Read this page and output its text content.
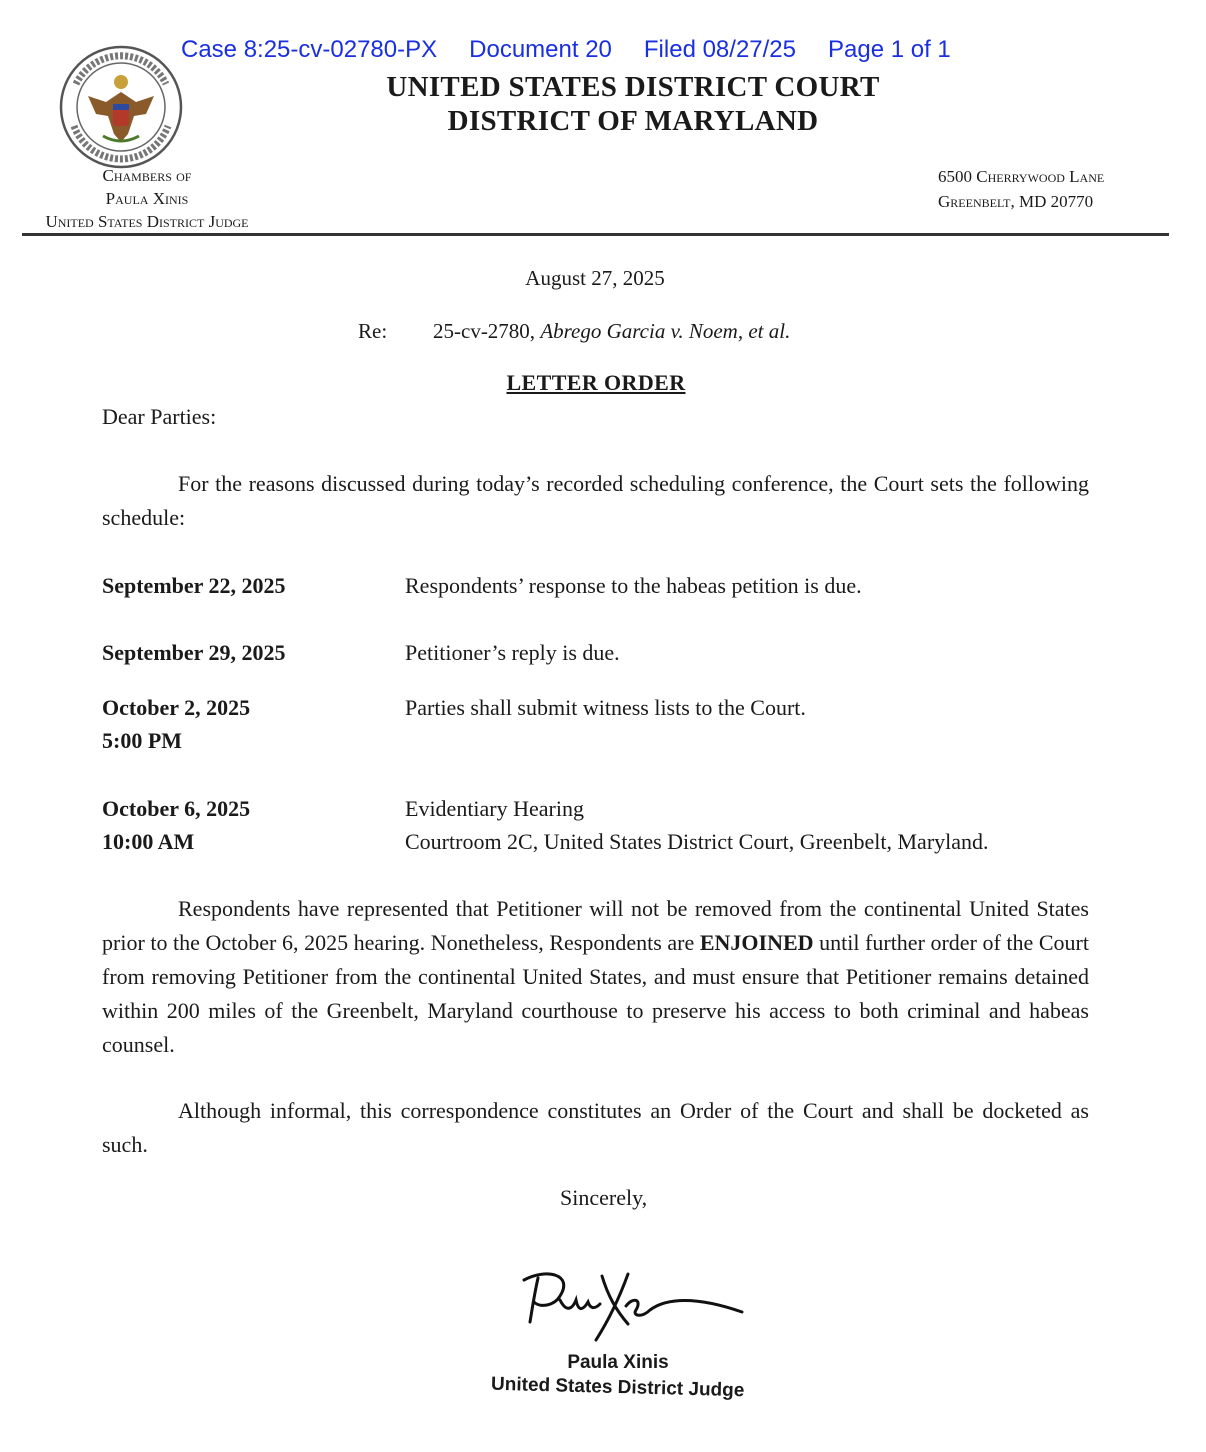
Case 8:25-cv-02780-PX Document 20 Filed 08/27/25 Page 1 of 1
UNITED STATES DISTRICT COURT
DISTRICT OF MARYLAND
Chambers of
Paula Xinis
United States District Judge
6500 Cherrywood Lane
Greenbelt, MD 20770
August 27, 2025
Re: 25-cv-2780, Abrego Garcia v. Noem, et al.
LETTER ORDER
Dear Parties:
For the reasons discussed during today’s recorded scheduling conference, the Court sets the following schedule:
September 22, 2025	Respondents’ response to the habeas petition is due.
September 29, 2025	Petitioner’s reply is due.
October 2, 2025
5:00 PM
Parties shall submit witness lists to the Court.
October 6, 2025
10:00 AM
Evidentiary Hearing
Courtroom 2C, United States District Court, Greenbelt, Maryland.
Respondents have represented that Petitioner will not be removed from the continental United States prior to the October 6, 2025 hearing. Nonetheless, Respondents are ENJOINED until further order of the Court from removing Petitioner from the continental United States, and must ensure that Petitioner remains detained within 200 miles of the Greenbelt, Maryland courthouse to preserve his access to both criminal and habeas counsel.
Although informal, this correspondence constitutes an Order of the Court and shall be docketed as such.
Sincerely,
Paula Xinis
United States District Judge
